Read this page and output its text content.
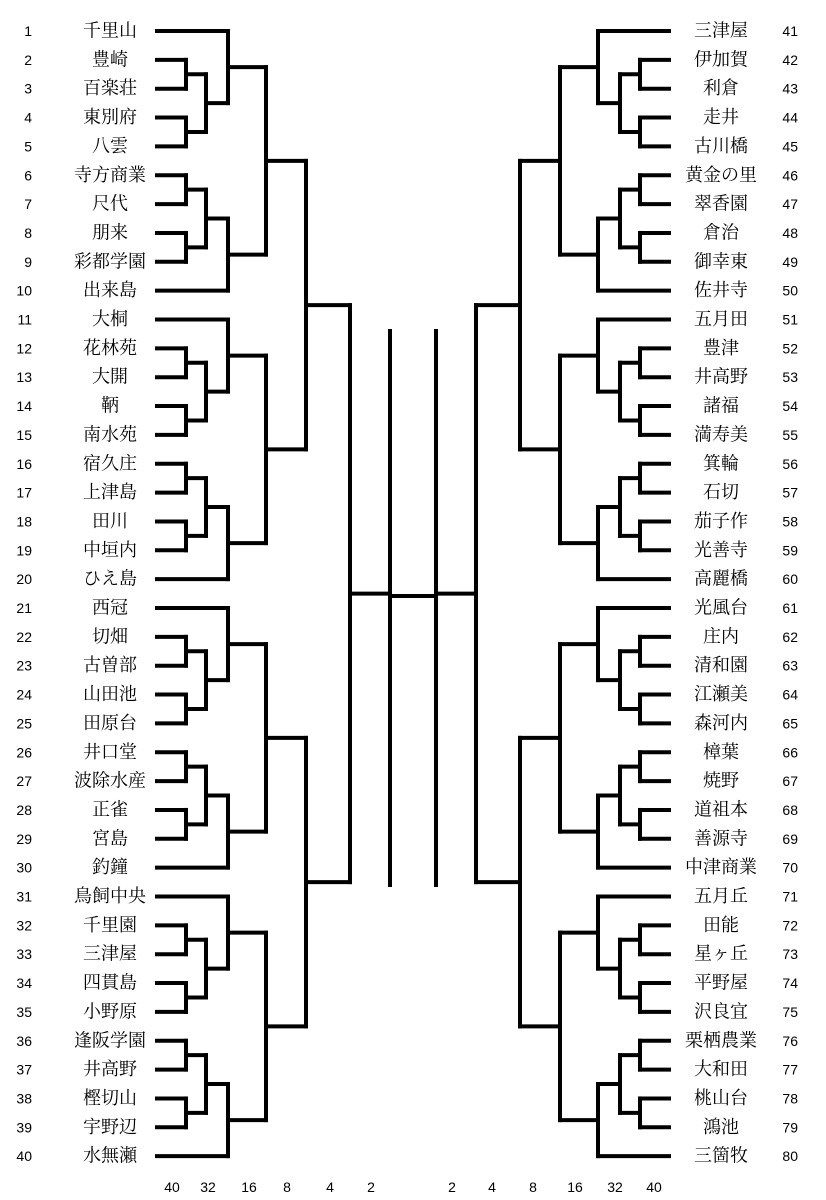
1	千里山
2	豊崎
3	百楽荘
4	東別府
5	八雲
6 寺方商業
7	尺代
8	朋来
9 彩都学園
10	出来島
11	大桐
12	花林苑
13	大開
14	鞆
15	南水苑
16	宿久庄
17	上津島
18	田川
19	中垣内
20	ひえ島
21	西冠
22	切畑
23	古曽部
24	山田池
25	田原台
26	井口堂
27 波除水産
28	正雀
29	宮島
30	釣鐘
31 鳥飼中央
32	千里園
33	三津屋
34	四貫島
35	小野原
36 逢阪学園
37	井高野
38	樫切山
39	宇野辺
40	水無瀬
三津屋 41
伊加賀 42
利倉	43
走井	44
古川橋 45
黄金の里 46
翠香園 47
倉治	48
御幸東 49
佐井寺 50
五月田 51
豊津	52
井高野 53
諸福	54
満寿美 55
箕輪	56
石切	57
茄子作 58
光善寺 59
高麗橋 60
光風台 61
庄内	62
清和園 63
江瀬美 64
森河内 65
樟葉	66
焼野	67
道祖本 68
善源寺 69
中津商業 70
五月丘 71
田能	72
星ヶ丘 73
平野屋 74
沢良宜 75
栗栖農業 76
大和田 77
桃山台 78
鴻池	79
三箇牧 80
40 32 16 8	4 2	2 4 8 16 32 40
